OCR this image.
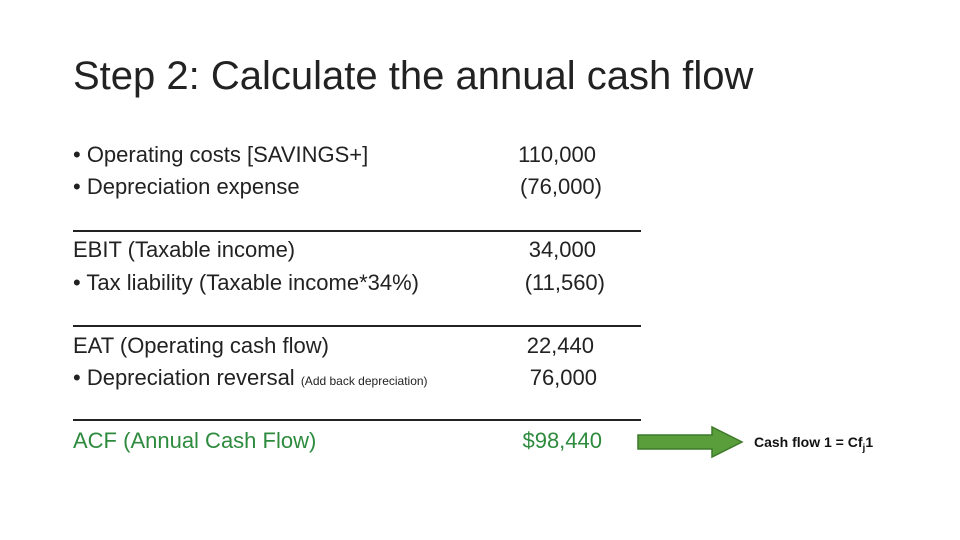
Step 2: Calculate the annual cash flow
• Operating costs [SAVINGS+]	110,000
• Depreciation expense	(76,000)
EBIT (Taxable income)	34,000
• Tax liability (Taxable income*34%)	(11,560)
EAT (Operating cash flow)	22,440
• Depreciation reversal (Add back depreciation)	76,000
ACF (Annual Cash Flow)	$98,440	Cash flow $1 = Cf_j1$
